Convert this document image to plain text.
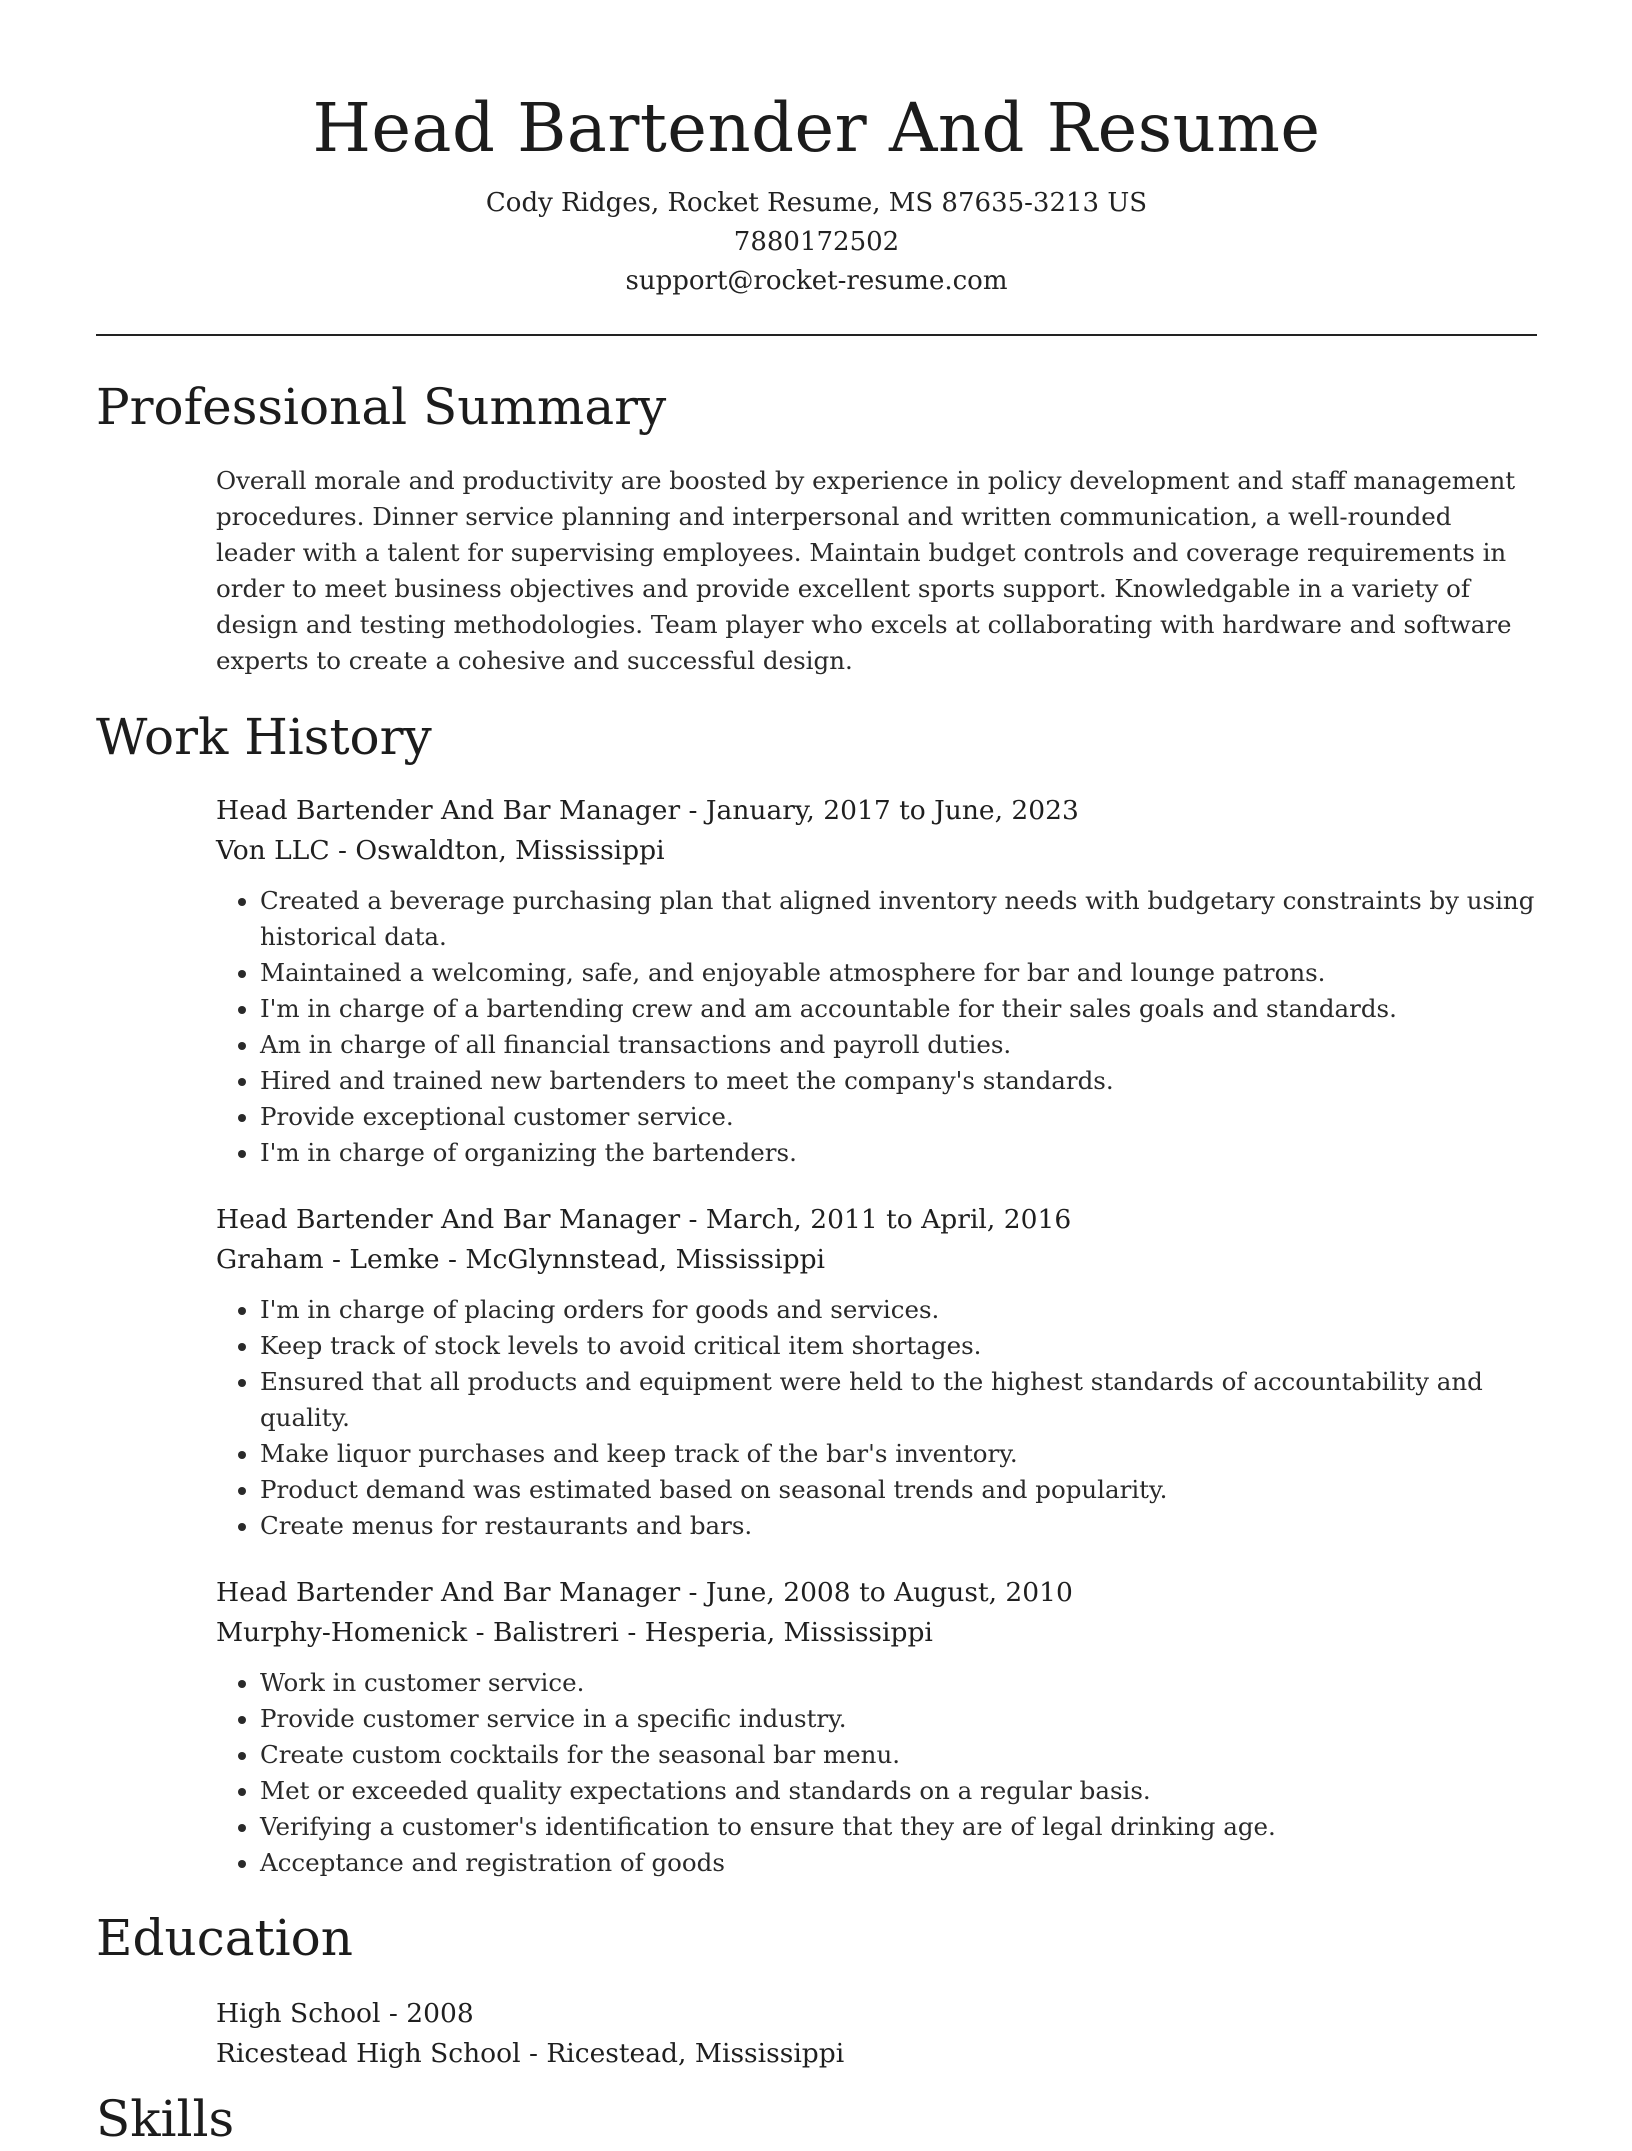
Head Bartender And Resume
Cody Ridges, Rocket Resume, MS 87635-3213 US
7880172502
support@rocket-resume.com
Professional Summary

Overall morale and productivity are boosted by experience in policy development and staff management procedures. Dinner service planning and interpersonal and written communication, a well-rounded leader with a talent for supervising employees. Maintain budget controls and coverage requirements in order to meet business objectives and provide excellent sports support. Knowledgable in a variety of design and testing methodologies. Team player who excels at collaborating with hardware and software experts to create a cohesive and successful design.

Work History
Head Bartender And Bar Manager - January, 2017 to June, 2023
Von LLC - Oswaldton, Mississippi
• Created a beverage purchasing plan that aligned inventory needs with budgetary constraints by using historical data.
• Maintained a welcoming, safe, and enjoyable atmosphere for bar and lounge patrons.
• I'm in charge of a bartending crew and am accountable for their sales goals and standards.
• Am in charge of all financial transactions and payroll duties.
• Hired and trained new bartenders to meet the company's standards.
• Provide exceptional customer service.
• I'm in charge of organizing the bartenders.
Head Bartender And Bar Manager - March, 2011 to April, 2016
Graham - Lemke - McGlynnstead, Mississippi
• I'm in charge of placing orders for goods and services.
• Keep track of stock levels to avoid critical item shortages.
• Ensured that all products and equipment were held to the highest standards of accountability and quality.
• Make liquor purchases and keep track of the bar's inventory.
• Product demand was estimated based on seasonal trends and popularity.
• Create menus for restaurants and bars.
Head Bartender And Bar Manager - June, 2008 to August, 2010
Murphy-Homenick - Balistreri - Hesperia, Mississippi
• Work in customer service.
• Provide customer service in a specific industry.
• Create custom cocktails for the seasonal bar menu.
• Met or exceeded quality expectations and standards on a regular basis.
• Verifying a customer's identification to ensure that they are of legal drinking age.
• Acceptance and registration of goods
Education
High School - 2008
Ricestead High School - Ricestead, Mississippi
Skills
